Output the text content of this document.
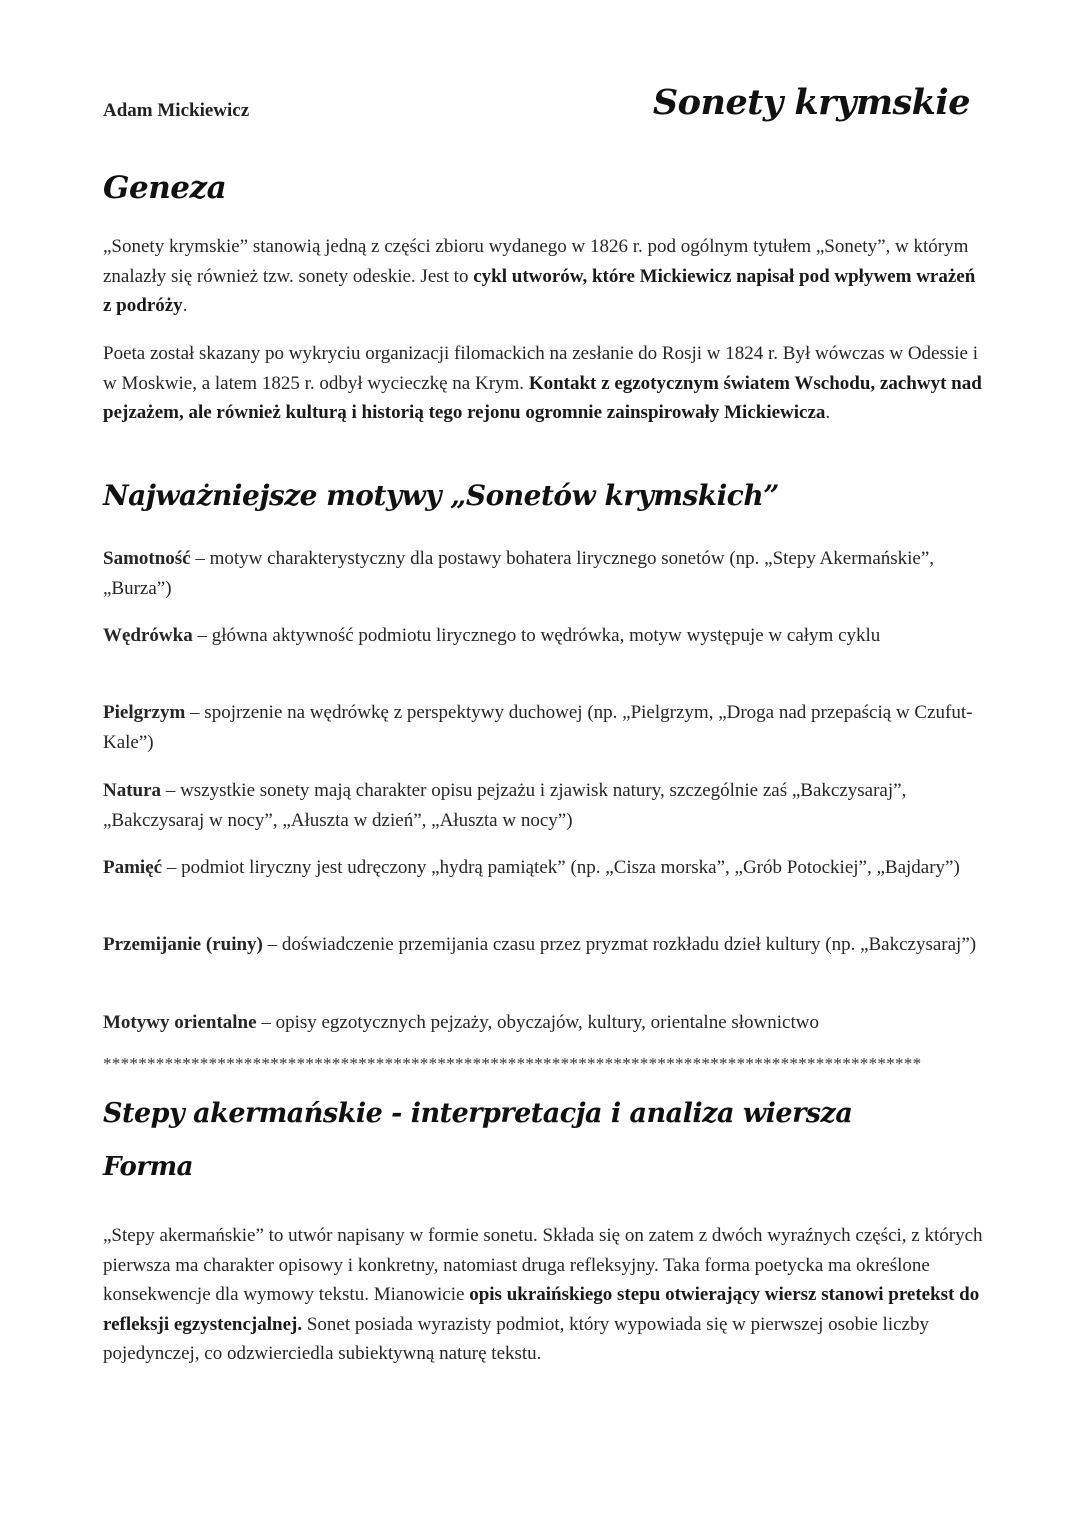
Adam Mickiewicz	Sonety krymskie
Geneza
„Sonety krymskie” stanowią jedną z części zbioru wydanego w 1826 r. pod ogólnym tytułem „Sonety”, w którym znalazły się również tzw. sonety odeskie. Jest to cykl utworów, które Mickiewicz napisał pod wpływem wrażeń z podróży.
Poeta został skazany po wykryciu organizacji filomackich na zesłanie do Rosji w 1824 r. Był wówczas w Odessie i w Moskwie, a latem 1825 r. odbył wycieczkę na Krym. Kontakt z egzotycznym światem Wschodu, zachwyt nad pejzażem, ale również kulturą i historią tego rejonu ogromnie zainspirowały Mickiewicza.
Najważniejsze motywy „Sonetów krymskich”
Samotność – motyw charakterystyczny dla postawy bohatera lirycznego sonetów (np. „Stepy Akermańskie”, „Burza”)
Wędrówka – główna aktywność podmiotu lirycznego to wędrówka, motyw występuje w całym cyklu
Pielgrzym – spojrzenie na wędrówkę z perspektywy duchowej (np. „Pielgrzym, „Droga nad przepaścią w Czufut-Kale”)
Natura – wszystkie sonety mają charakter opisu pejzażu i zjawisk natury, szczególnie zaś „Bakczysaraj”, „Bakczysaraj w nocy”, „Ałuszta w dzień”, „Ałuszta w nocy”)
Pamięć – podmiot liryczny jest udręczony „hydrą pamiątek” (np. „Cisza morska”, „Grób Potockiej”, „Bajdary”)
Przemijanie (ruiny) – doświadczenie przemijania czasu przez pryzmat rozkładu dzieł kultury (np. „Bakczysaraj”)
Motywy orientalne – opisy egzotycznych pejzaży, obyczajów, kultury, orientalne słownictwo
*********************************************************************************************
Stepy akermańskie - interpretacja i analiza wiersza
Forma
„Stepy akermańskie” to utwór napisany w formie sonetu. Składa się on zatem z dwóch wyraźnych części, z których pierwsza ma charakter opisowy i konkretny, natomiast druga refleksyjny. Taka forma poetycka ma określone konsekwencje dla wymowy tekstu. Mianowicie opis ukraińskiego stepu otwierający wiersz stanowi pretekst do refleksji egzystencjalnej. Sonet posiada wyrazisty podmiot, który wypowiada się w pierwszej osobie liczby pojedynczej, co odzwierciedla subiektywną naturę tekstu.
